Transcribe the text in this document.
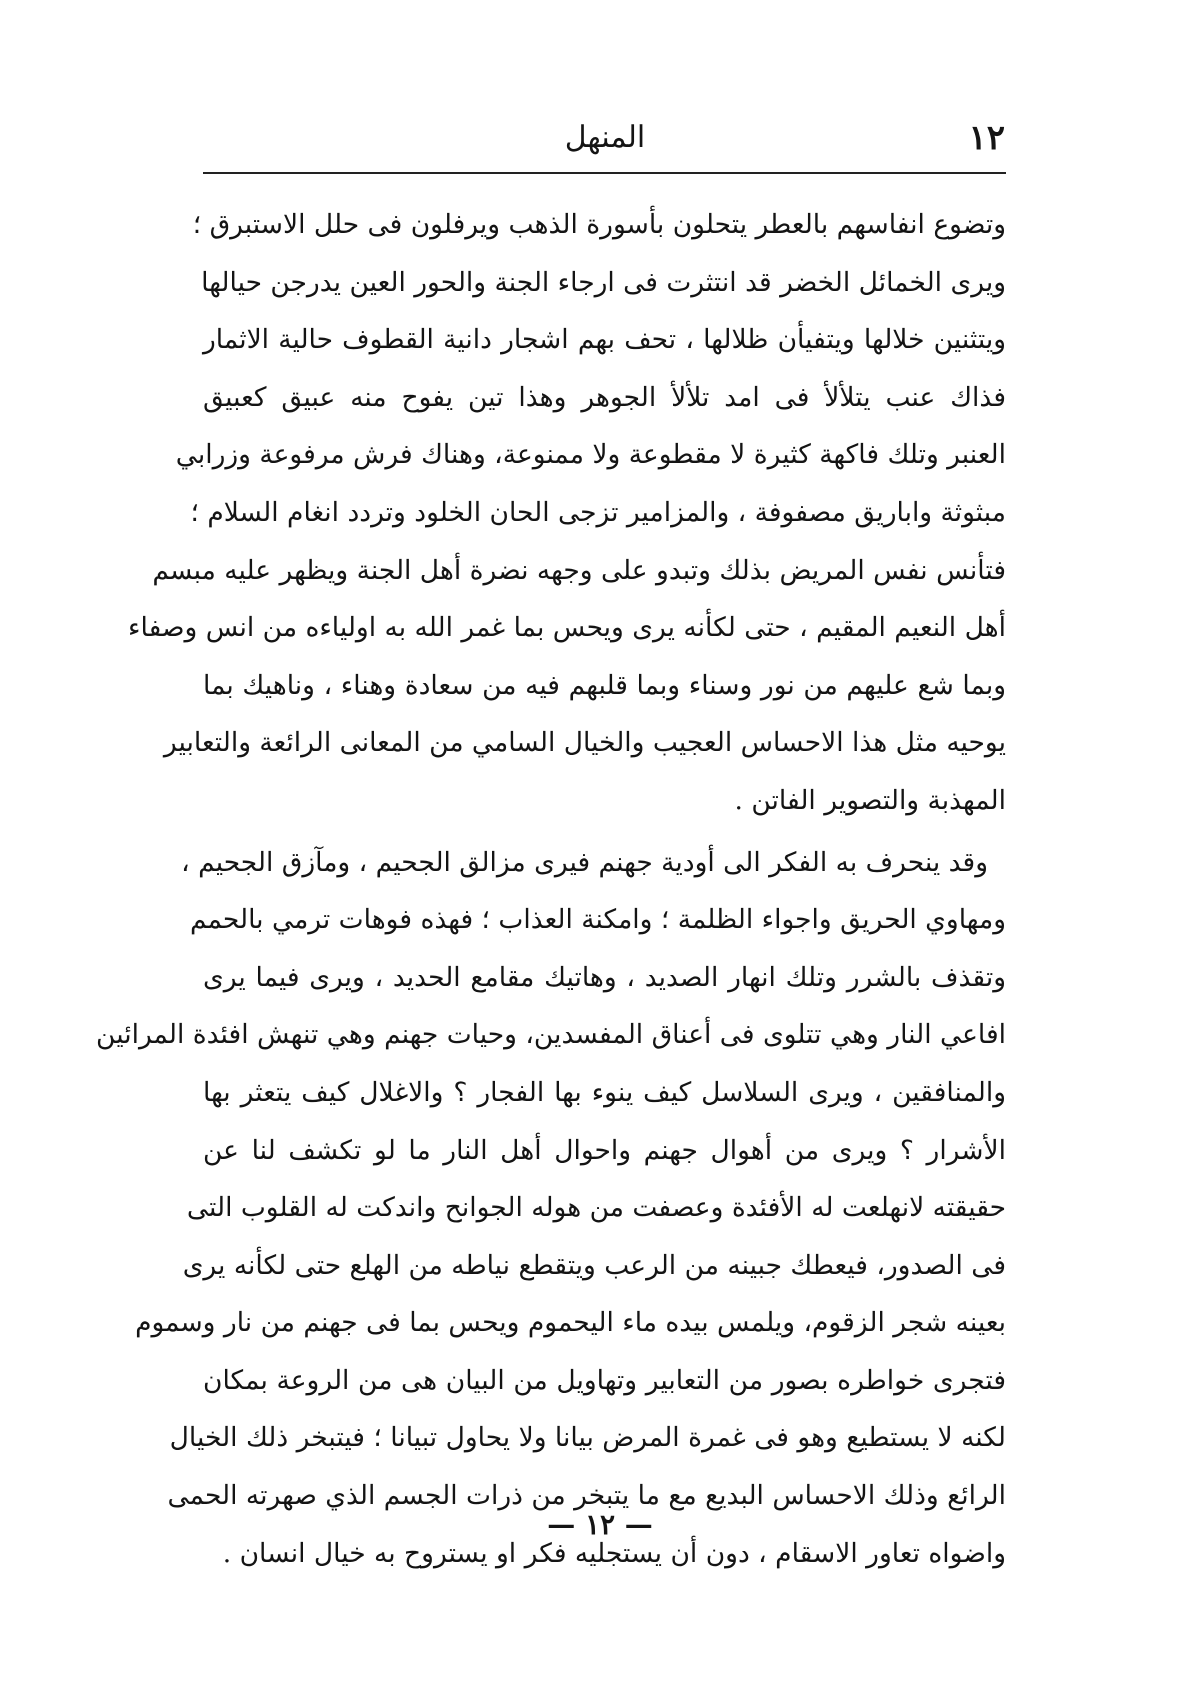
١٢
المنهل
وتضوع انفاسهم بالعطر يتحلون بأسورة الذهب ويرفلون فى حلل الاستبرق ؛
ويرى الخمائل الخضر قد انتثرت فى ارجاء الجنة والحور العين يدرجن حيالها
ويتثنين خلالها ويتفيأن ظلالها ، تحف بهم اشجار دانية القطوف حالية الاثمار
فذاك عنب يتلألأ فى امد تلألأ الجوهر وهذا تين يفوح منه عبيق كعبيق
العنبر وتلك فاكهة كثيرة لا مقطوعة ولا ممنوعة، وهناك فرش مرفوعة وزرابي
مبثوثة واباريق مصفوفة ، والمزامير تزجى الحان الخلود وتردد انغام السلام ؛
فتأنس نفس المريض بذلك وتبدو على وجهه نضرة أهل الجنة ويظهر عليه مبسم
أهل النعيم المقيم ، حتى لكأنه يرى ويحس بما غمر الله به اولياءه من انس وصفاء
وبما شع عليهم من نور وسناء وبما قلبهم فيه من سعادة وهناء ، وناهيك بما
يوحيه مثل هذا الاحساس العجيب والخيال السامي من المعانى الرائعة والتعابير
المهذبة والتصوير الفاتن .
وقد ينحرف به الفكر الى أودية جهنم فيرى مزالق الجحيم ، ومآزق الجحيم ،
ومهاوي الحريق واجواء الظلمة ؛ وامكنة العذاب ؛ فهذه فوهات ترمي بالحمم
وتقذف بالشرر وتلك انهار الصديد ، وهاتيك مقامع الحديد ، ويرى فيما يرى
افاعي النار وهي تتلوى فى أعناق المفسدين، وحيات جهنم وهي تنهش افئدة المرائين
والمنافقين ، ويرى السلاسل كيف ينوء بها الفجار ؟ والاغلال كيف يتعثر بها
الأشرار ؟ ويرى من أهوال جهنم واحوال أهل النار ما لو تكشف لنا عن
حقيقته لانهلعت له الأفئدة وعصفت من هوله الجوانح واندكت له القلوب التى
فى الصدور، فيعطك جبينه من الرعب ويتقطع نياطه من الهلع حتى لكأنه يرى
بعينه شجر الزقوم، ويلمس بيده ماء اليحموم ويحس بما فى جهنم من نار وسموم
فتجرى خواطره بصور من التعابير وتهاويل من البيان هى من الروعة بمكان
لكنه لا يستطيع وهو فى غمرة المرض بيانا ولا يحاول تبيانا ؛ فيتبخر ذلك الخيال
الرائع وذلك الاحساس البديع مع ما يتبخر من ذرات الجسم الذي صهرته الحمى
واضواه تعاور الاسقام ، دون أن يستجليه فكر او يستروح به خيال انسان .
— ١٢ —
